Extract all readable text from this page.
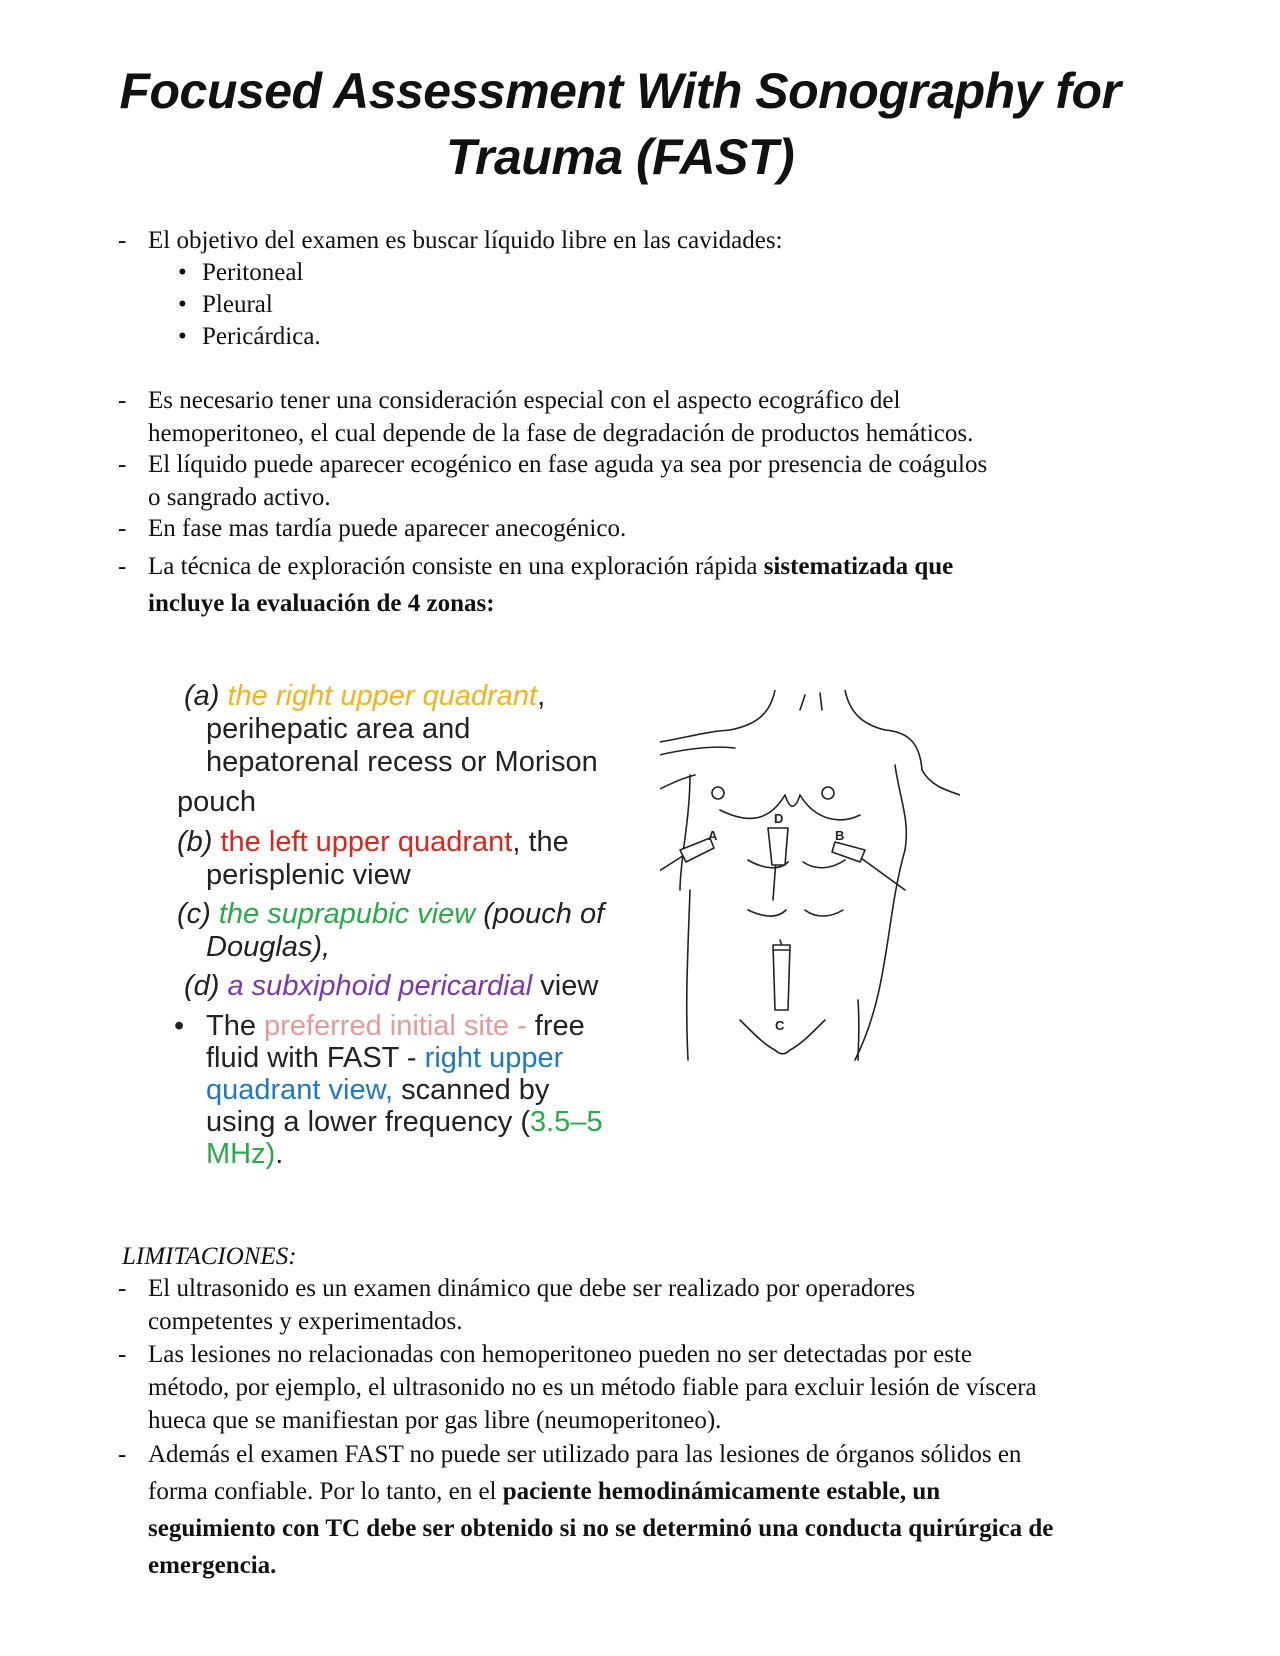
Focused Assessment With Sonography for
Trauma (FAST)
- El objetivo del examen es buscar líquido libre en las cavidades:
• Peritoneal
• Pleural
• Pericárdica.
- Es necesario tener una consideración especial con el aspecto ecográfico del
hemoperitoneo, el cual depende de la fase de degradación de productos hemáticos.
- El líquido puede aparecer ecogénico en fase aguda ya sea por presencia de coágulos
o sangrado activo.
- En fase mas tardía puede aparecer anecogénico.
- La técnica de exploración consiste en una exploración rápida sistematizada que
incluye la evaluación de 4 zonas:
(a) the right upper quadrant,
perihepatic area and
hepatorenal recess or Morison
pouch
(b) the left upper quadrant, the
perisplenic view
(c) the suprapubic view (pouch of
Douglas),
(d) a subxiphoid pericardial view
• The preferred initial site - free
fluid with FAST - right upper
quadrant view, scanned by
using a lower frequency (3.5–5
MHz).
A	B
D
C
LIMITACIONES:
- El ultrasonido es un examen dinámico que debe ser realizado por operadores
competentes y experimentados.
- Las lesiones no relacionadas con hemoperitoneo pueden no ser detectadas por este
método, por ejemplo, el ultrasonido no es un método fiable para excluir lesión de víscera
hueca que se manifiestan por gas libre (neumoperitoneo).
- Además el examen FAST no puede ser utilizado para las lesiones de órganos sólidos en
forma confiable. Por lo tanto, en el paciente hemodinámicamente estable, un
seguimiento con TC debe ser obtenido si no se determinó una conducta quirúrgica de
emergencia.
